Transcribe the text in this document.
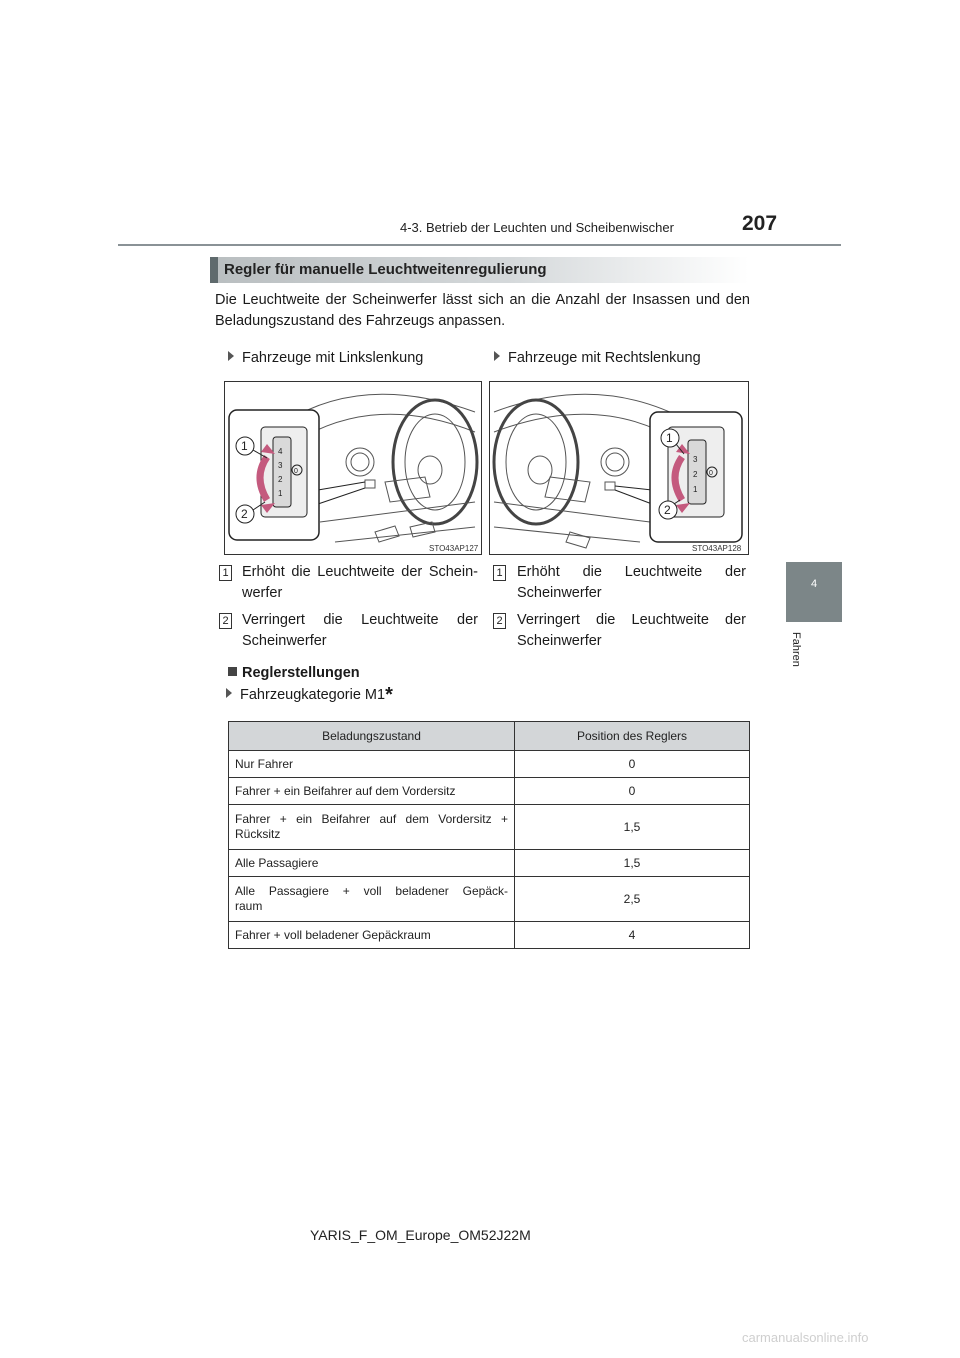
4-3. Betrieb der Leuchten und Scheibenwischer	207
4
Fahren
Regler für manuelle Leuchtweitenregulierung
Die Leuchtweite der Scheinwerfer lässt sich an die Anzahl der Insassen und den Beladungszustand des Fahrzeugs anpassen.
Fahrzeuge mit Linkslenkung	Fahrzeuge mit Rechtslenkung
1
2
4
3
2
1
0
STO43AP127
1
2
3
2
1
0
STO43AP128
1 Erhöht die Leuchtweite der Schein-
werfer
2 Verringert die Leuchtweite der
Scheinwerfer
1 Erhöht die Leuchtweite der
Scheinwerfer
2 Verringert die Leuchtweite der
Scheinwerfer
Reglerstellungen
Fahrzeugkategorie M1*
Beladungszustand	Position des Reglers
Nur Fahrer	0
Fahrer + ein Beifahrer auf dem Vordersitz	0

Fahrer + ein Beifahrer auf dem Vordersitz +
Rücksitz	1,5
Alle Passagiere	1,5

Alle Passagiere + voll beladener Gepäck-
raum	2,5
Fahrer + voll beladener Gepäckraum	4
YARIS_F_OM_Europe_OM52J22M
carmanualsonline.info
